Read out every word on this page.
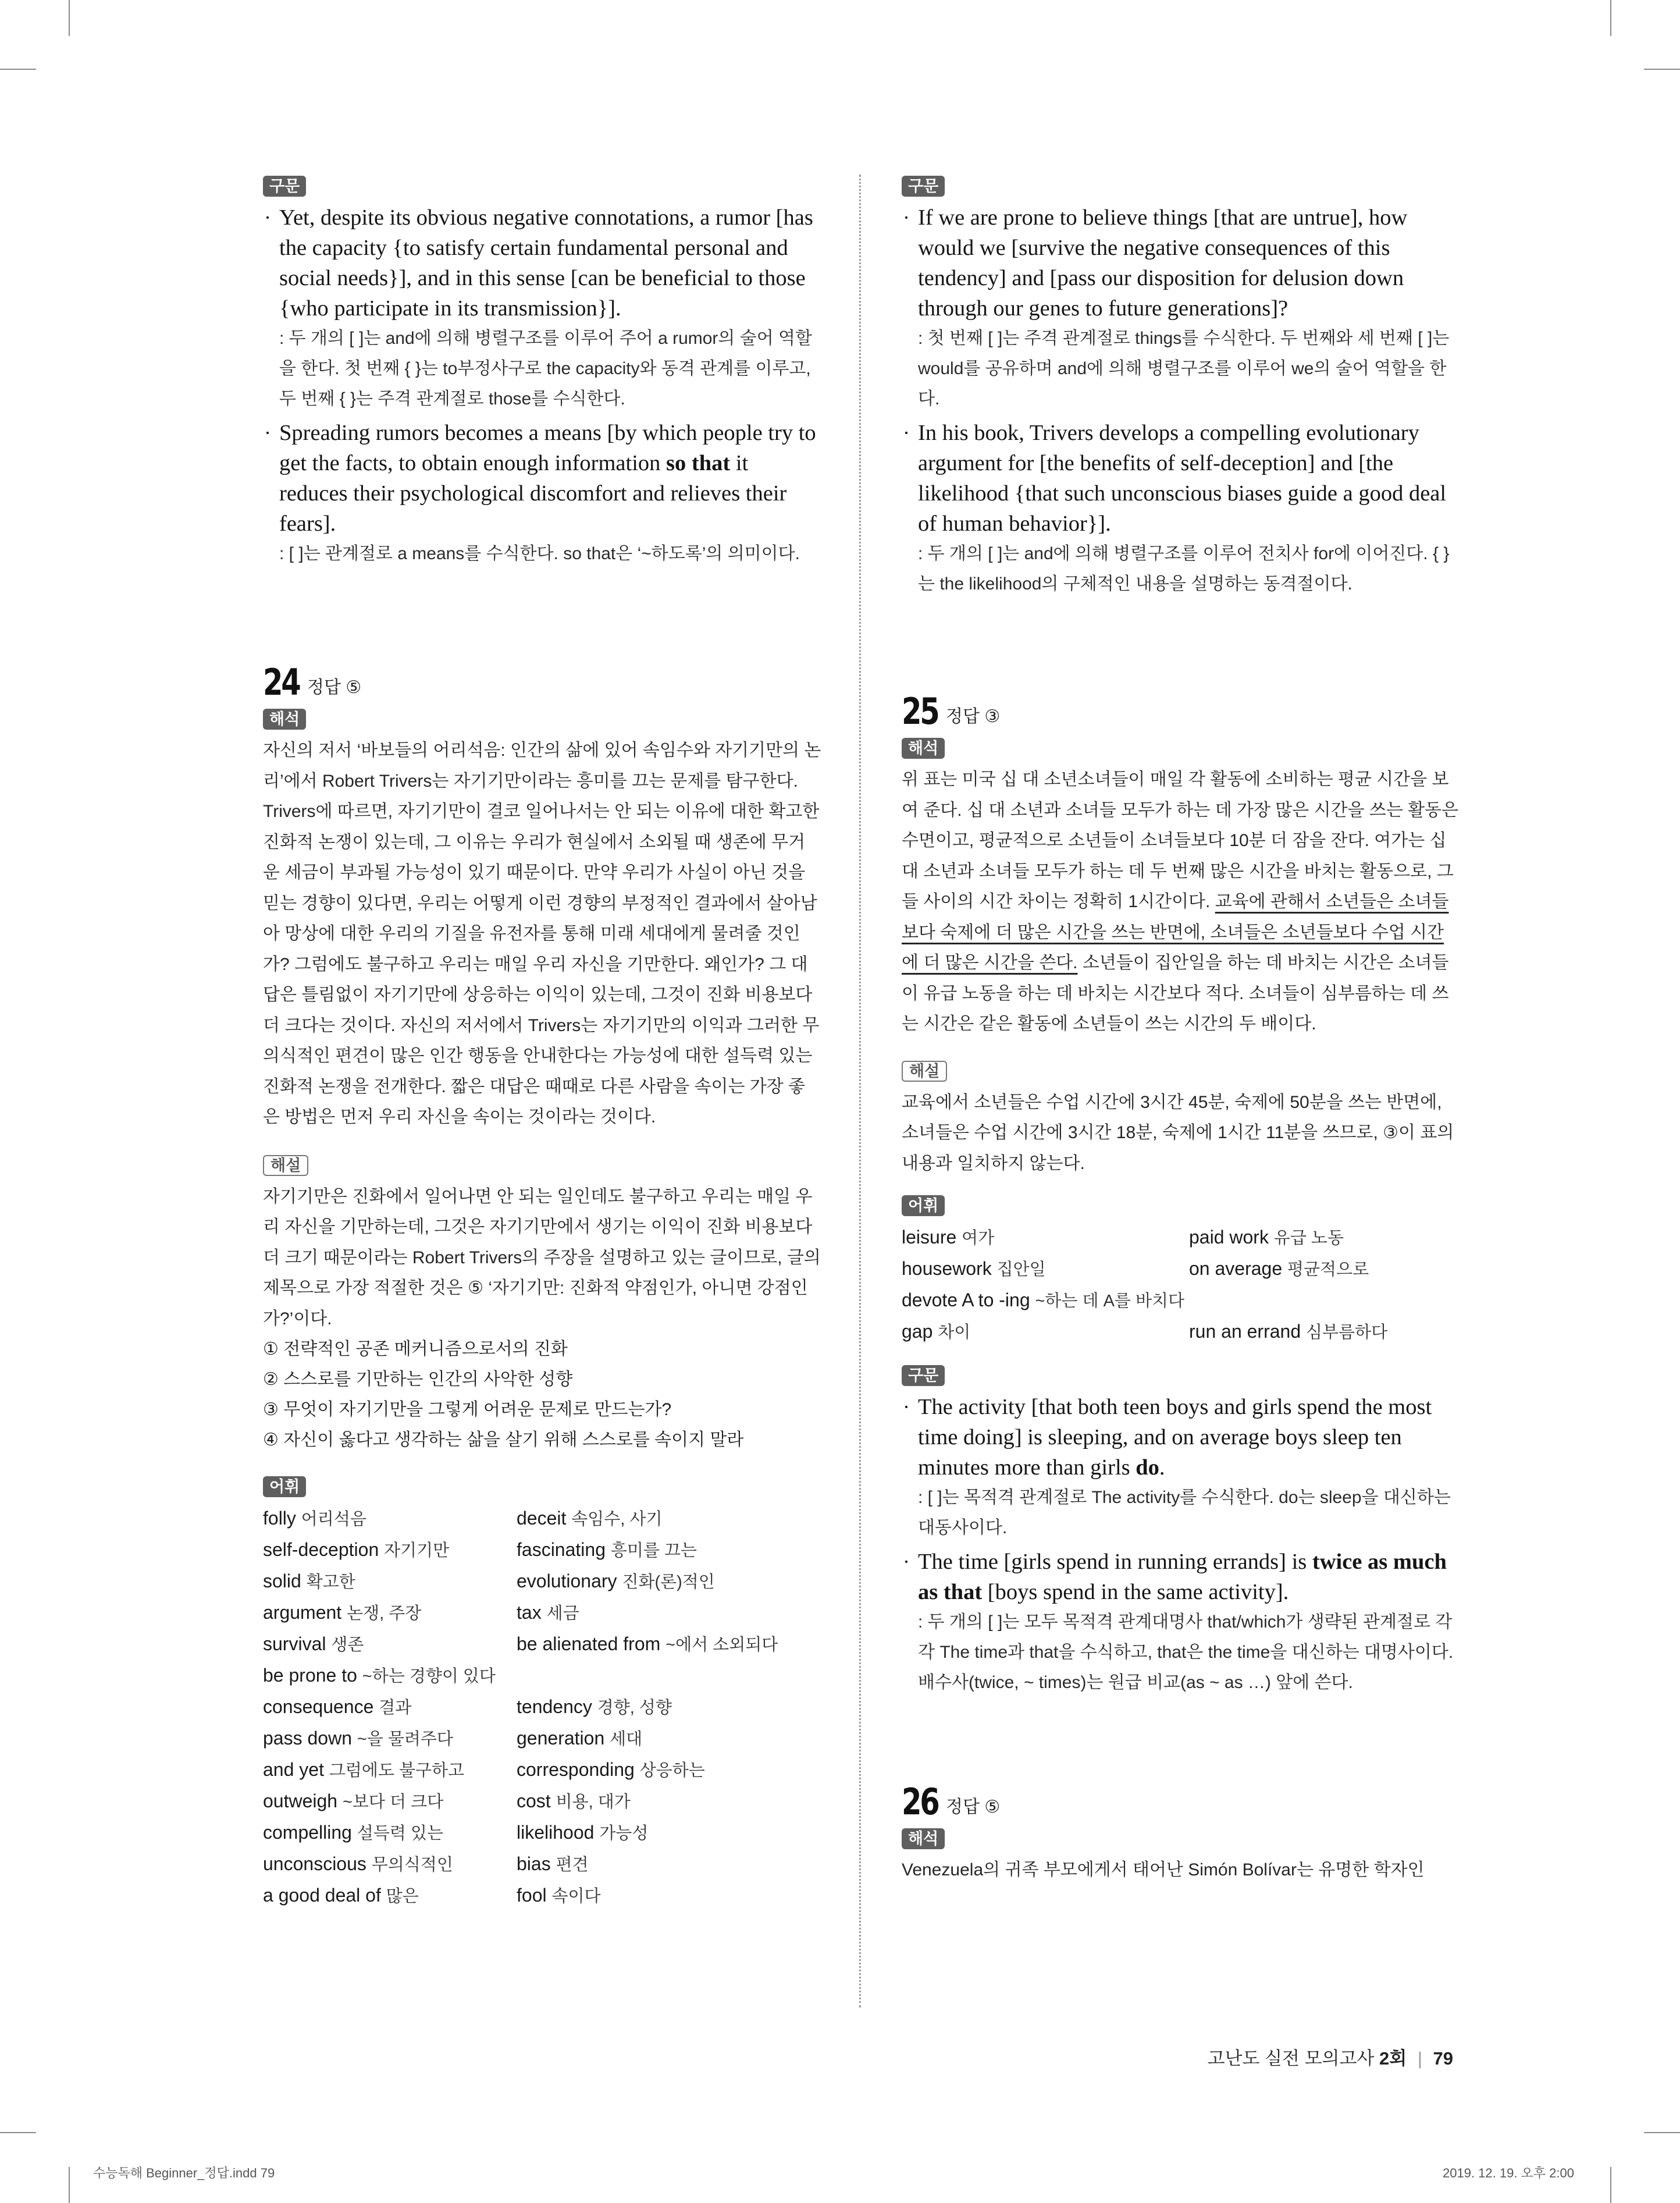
구문
· Yet, despite its obvious negative connotations, a rumor [has the capacity {to satisfy certain fundamental personal and social needs}], and in this sense [can be beneficial to those {who participate in its transmission}].
: 두 개의 [ ]는 and에 의해 병렬구조를 이루어 주어 a rumor의 술어 역할을 한다. 첫 번째 { }는 to부정사구로 the capacity와 동격 관계를 이루고, 두 번째 { }는 주격 관계절로 those를 수식한다.
· Spreading rumors becomes a means [by which people try to get the facts, to obtain enough information so that it reduces their psychological discomfort and relieves their fears].
: [ ]는 관계절로 a means를 수식한다. so that은 ‘~하도록’의 의미이다.
24 정답 ⑤
해석
자신의 저서 ‘바보들의 어리석음: 인간의 삶에 있어 속임수와 자기기만의 논리’에서 Robert Trivers는 자기기만이라는 흥미를 끄는 문제를 탐구한다. Trivers에 따르면, 자기기만이 결코 일어나서는 안 되는 이유에 대한 확고한 진화적 논쟁이 있는데, 그 이유는 우리가 현실에서 소외될 때 생존에 무거운 세금이 부과될 가능성이 있기 때문이다. 만약 우리가 사실이 아닌 것을 믿는 경향이 있다면, 우리는 어떻게 이런 경향의 부정적인 결과에서 살아남아 망상에 대한 우리의 기질을 유전자를 통해 미래 세대에게 물려줄 것인가? 그럼에도 불구하고 우리는 매일 우리 자신을 기만한다. 왜인가? 그 대답은 틀림없이 자기기만에 상응하는 이익이 있는데, 그것이 진화 비용보다 더 크다는 것이다. 자신의 저서에서 Trivers는 자기기만의 이익과 그러한 무의식적인 편견이 많은 인간 행동을 안내한다는 가능성에 대한 설득력 있는 진화적 논쟁을 전개한다. 짧은 대답은 때때로 다른 사람을 속이는 가장 좋은 방법은 먼저 우리 자신을 속이는 것이라는 것이다.
해설
자기기만은 진화에서 일어나면 안 되는 일인데도 불구하고 우리는 매일 우리 자신을 기만하는데, 그것은 자기기만에서 생기는 이익이 진화 비용보다 더 크기 때문이라는 Robert Trivers의 주장을 설명하고 있는 글이므로, 글의 제목으로 가장 적절한 것은 ⑤ ‘자기기만: 진화적 약점인가, 아니면 강점인가?’이다.
① 전략적인 공존 메커니즘으로서의 진화
② 스스로를 기만하는 인간의 사악한 성향
③ 무엇이 자기기만을 그렇게 어려운 문제로 만드는가?
④ 자신이 옳다고 생각하는 삶을 살기 위해 스스로를 속이지 말라
어휘
folly 어리석음	deceit 속임수, 사기
self-deception 자기기만	fascinating 흥미를 끄는
solid 확고한	evolutionary 진화(론)적인
argument 논쟁, 주장	tax 세금
survival 생존	be alienated from ~에서 소외되다
be prone to ~하는 경향이 있다
consequence 결과	tendency 경향, 성향
pass down ~을 물려주다	generation 세대
and yet 그럼에도 불구하고	corresponding 상응하는
outweigh ~보다 더 크다	cost 비용, 대가
compelling 설득력 있는	likelihood 가능성
unconscious 무의식적인	bias 편견
a good deal of 많은	fool 속이다
구문
· If we are prone to believe things [that are untrue], how would we [survive the negative consequences of this tendency] and [pass our disposition for delusion down through our genes to future generations]?
: 첫 번째 [ ]는 주격 관계절로 things를 수식한다. 두 번째와 세 번째 [ ]는 would를 공유하며 and에 의해 병렬구조를 이루어 we의 술어 역할을 한다.
· In his book, Trivers develops a compelling evolutionary argument for [the benefits of self-deception] and [the likelihood {that such unconscious biases guide a good deal of human behavior}].
: 두 개의 [ ]는 and에 의해 병렬구조를 이루어 전치사 for에 이어진다. { }는 the likelihood의 구체적인 내용을 설명하는 동격절이다.
25 정답 ③
해석
위 표는 미국 십 대 소년소녀들이 매일 각 활동에 소비하는 평균 시간을 보여 준다. 십 대 소년과 소녀들 모두가 하는 데 가장 많은 시간을 쓰는 활동은 수면이고, 평균적으로 소년들이 소녀들보다 10분 더 잠을 잔다. 여가는 십 대 소년과 소녀들 모두가 하는 데 두 번째 많은 시간을 바치는 활동으로, 그들 사이의 시간 차이는 정확히 1시간이다. 교육에 관해서 소년들은 소녀들보다 숙제에 더 많은 시간을 쓰는 반면에, 소녀들은 소년들보다 수업 시간에 더 많은 시간을 쓴다. 소년들이 집안일을 하는 데 바치는 시간은 소녀들이 유급 노동을 하는 데 바치는 시간보다 적다. 소녀들이 심부름하는 데 쓰는 시간은 같은 활동에 소년들이 쓰는 시간의 두 배이다.
해설
교육에서 소년들은 수업 시간에 3시간 45분, 숙제에 50분을 쓰는 반면에, 소녀들은 수업 시간에 3시간 18분, 숙제에 1시간 11분을 쓰므로, ③이 표의 내용과 일치하지 않는다.
어휘
leisure 여가	paid work 유급 노동
housework 집안일	on average 평균적으로
devote A to -ing ~하는 데 A를 바치다
gap 차이	run an errand 심부름하다
구문
· The activity [that both teen boys and girls spend the most time doing] is sleeping, and on average boys sleep ten minutes more than girls do.
: [ ]는 목적격 관계절로 The activity를 수식한다. do는 sleep을 대신하는 대동사이다.
· The time [girls spend in running errands] is twice as much as that [boys spend in the same activity].
: 두 개의 [ ]는 모두 목적격 관계대명사 that/which가 생략된 관계절로 각각 The time과 that을 수식하고, that은 the time을 대신하는 대명사이다. 배수사(twice, ~ times)는 원급 비교(as ~ as …) 앞에 쓴다.
26 정답 ⑤
해석
Venezuela의 귀족 부모에게서 태어난 Simón Bolívar는 유명한 학자인
고난도 실전 모의고사 2회 | 79
수능독해 Beginner_정답.indd 79	2019. 12. 19. 오후 2:00
